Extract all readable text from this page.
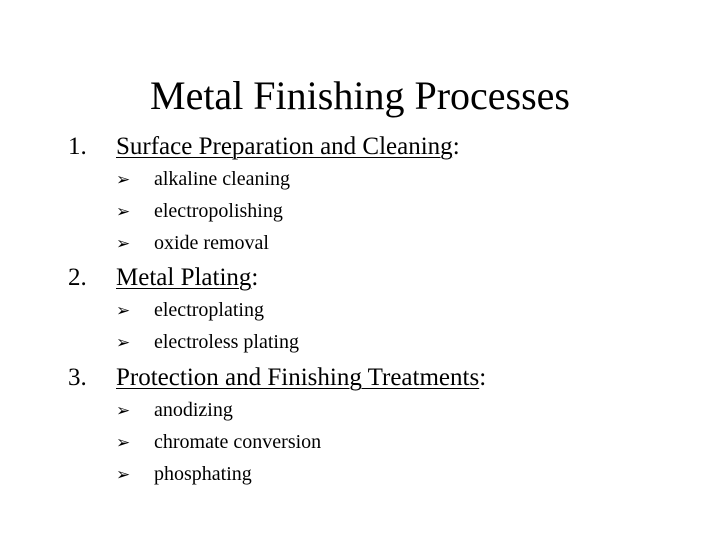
Metal Finishing Processes
1. Surface Preparation and Cleaning:
➢ alkaline cleaning
➢ electropolishing
➢ oxide removal
2. Metal Plating:
➢ electroplating
➢ electroless plating
3. Protection and Finishing Treatments:
➢ anodizing
➢ chromate conversion
➢ phosphating
